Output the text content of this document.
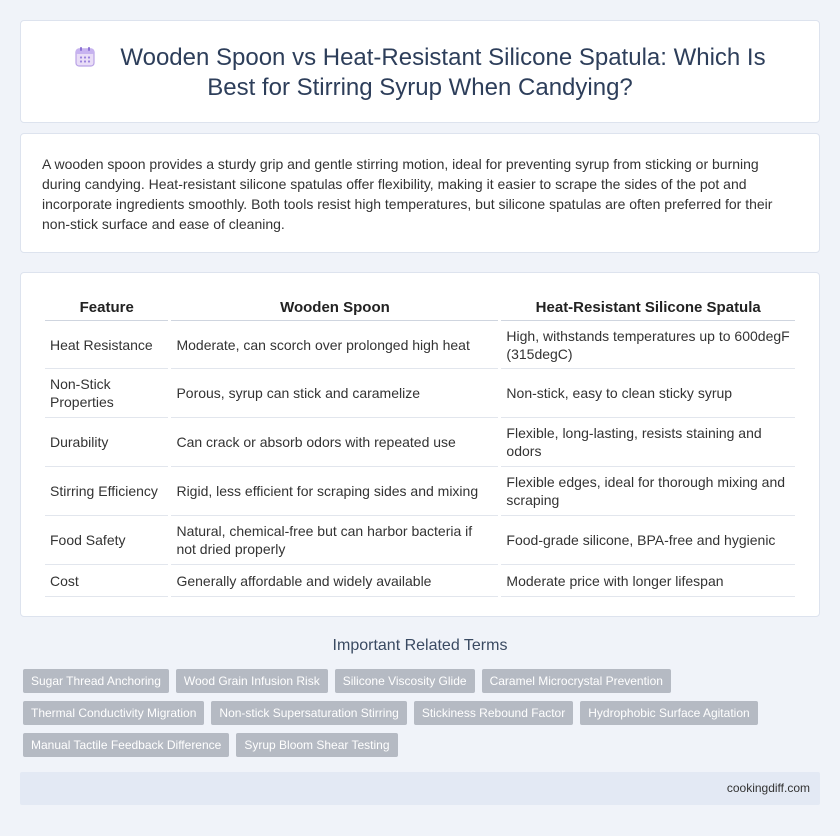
Wooden Spoon vs Heat-Resistant Silicone Spatula: Which Is Best for Stirring Syrup When Candying?

A wooden spoon provides a sturdy grip and gentle stirring motion, ideal for preventing syrup from sticking or burning during candying. Heat-resistant silicone spatulas offer flexibility, making it easier to scrape the sides of the pot and incorporate ingredients smoothly. Both tools resist high temperatures, but silicone spatulas are often preferred for their non-stick surface and ease of cleaning.

Feature	Wooden Spoon	Heat-Resistant Silicone Spatula
Heat Resistance	Moderate, can scorch over prolonged high heat	High, withstands temperatures up to 600degF (315degC)
Non-Stick Properties	Porous, syrup can stick and caramelize	Non-stick, easy to clean sticky syrup
Durability	Can crack or absorb odors with repeated use	Flexible, long-lasting, resists staining and odors
Stirring Efficiency	Rigid, less efficient for scraping sides and mixing	Flexible edges, ideal for thorough mixing and scraping
Food Safety	Natural, chemical-free but can harbor bacteria if not dried properly	Food-grade silicone, BPA-free and hygienic
Cost	Generally affordable and widely available	Moderate price with longer lifespan
Important Related Terms
Sugar Thread Anchoring	Wood Grain Infusion Risk	Silicone Viscosity Glide	Caramel Microcrystal Prevention
Thermal Conductivity Migration	Non-stick Supersaturation Stirring	Stickiness Rebound Factor	Hydrophobic Surface Agitation
Manual Tactile Feedback Difference	Syrup Bloom Shear Testing
cookingdiff.com
